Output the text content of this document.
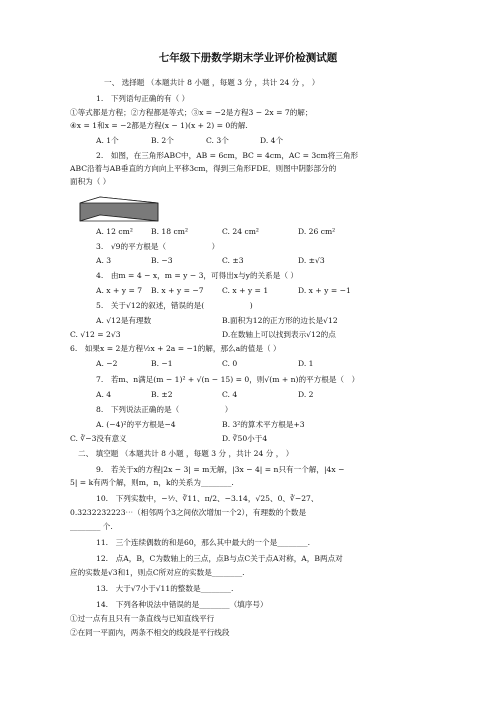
七年级下册数学期末学业评价检测试题
一、 选择题 （本题共计 8 小题 ，每题 3 分 ，共计 24 分 ， ）
1.　下列语句正确的有（ ）
①等式都是方程；②方程都是等式；③x = −2是方程3 − 2x = 7的解；
④x = 1和x = −2都是方程(x − 1)(x + 2) = 0的解.
A. 1个	B. 2个	C. 3个	D. 4个
2.　如图，在三角形ABC中，AB = 6cm，BC = 4cm，AC = 3cm将三角形
ABC沿着与AB垂直的方向向上平移3cm，得到三角形FDE．则图中阴影部分的
面积为（ ）
A. 12 cm² B. 18 cm²	C. 24 cm²	D. 26 cm²
3.　√9的平方根是（　　　　　　）
A. 3	B. −3	C. ±3	D. ±√3
4.　由m = 4 − x，m = y − 3，可得出x与y的关系是（ ）
A. x + y = 7 B. x + y = −7 C. x + y = 1	D. x + y = −1
5.　关于√12的叙述，错误的是(　　　　　　)
A. √12是有理数	B.面积为12的正方形的边长是√12
C. √12 = 2√3	D.在数轴上可以找到表示√12的点
6.　如果x = 2是方程½x + 2a = −1的解，那么a的值是（ ）
A. −2	B. −1	C. 0	D. 1
7.　若m、n满足(m − 1)² + √(n − 15) = 0，则√(m + n)的平方根是（　）
A. 4	B. ±2	C. 4	D. 2
8.　下列说法正确的是（　　　　　　）
A. (−4)²的平方根是−4	B. 3²的算术平方根是+3
C. ∛−3没有意义	D. ∛50小于4
二、 填空题 （本题共计 8 小题 ，每题 3 分 ，共计 24 分 ， ）
9.　若关于x的方程|2x − 3| = m无解，|3x − 4| = n只有一个解，|4x −
5| = k有两个解，则m，n，k的关系为________.
10.　下列实数中，−⅐、∛11、π/2、−3.14，√25、0、∛−27、
0.3232232223⋯（相邻两个3之间依次增加一个2），有理数的个数是
________ 个.
11.　三个连续偶数的和是60，那么其中最大的一个是________.
12.　点A，B，C为数轴上的三点，点B与点C关于点A对称，A，B两点对
应的实数是√3和1，则点C所对应的实数是________.
13.　大于√7小于√11的整数是________.
14.　下列各种说法中错误的是________（填序号）
①过一点有且只有一条直线与已知直线平行
②在同一平面内，两条不相交的线段是平行线段
